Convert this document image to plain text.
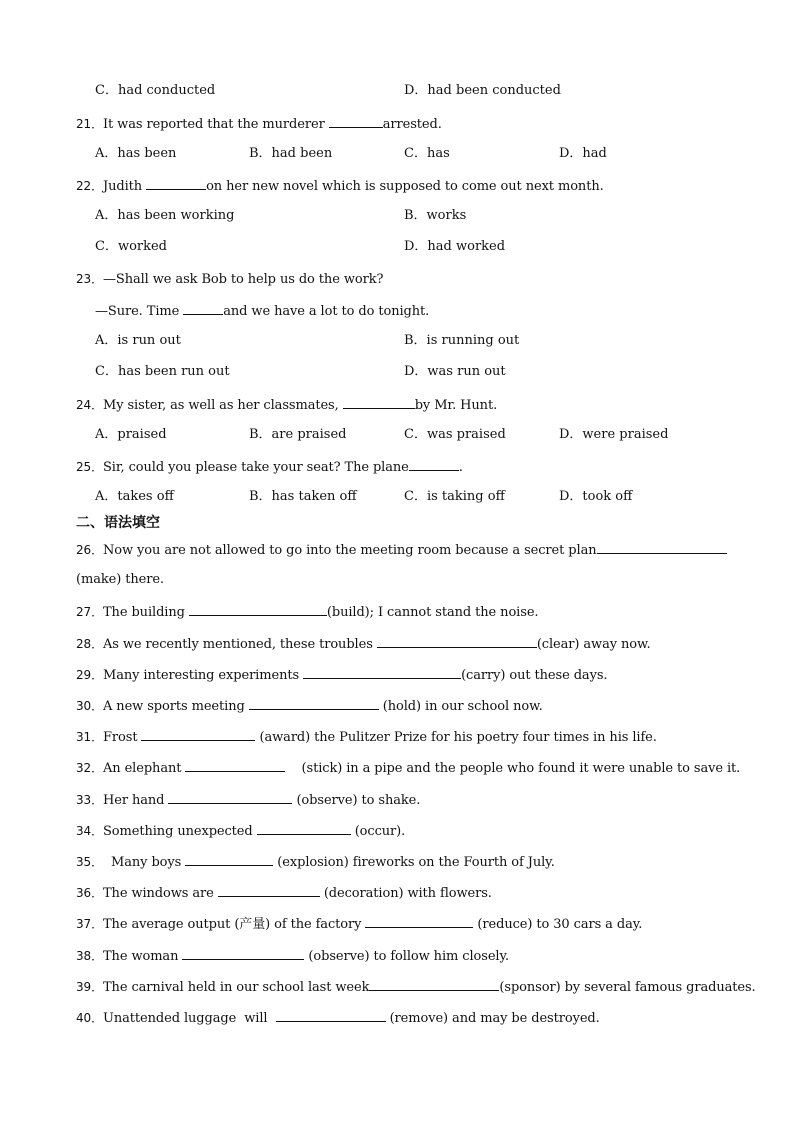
C．had conducted	D．had been conducted
21．It was reported that the murderer	arrested.
A．has been	B．had been	C．has	D．had
22．Judith	on her new novel which is supposed to come out next month.
A．has been working	B．works
C．worked	D．had worked
23．—Shall we ask Bob to help us do the work?
—Sure. Time	and we have a lot to do tonight.
A．is run out	B．is running out
C．has been run out	D．was run out
24．My sister, as well as her classmates,	by Mr. Hunt.
A．praised	B．are praised	C．was praised	D．were praised
25．Sir, could you please take your seat? The plane	.
A．takes off	B．has taken off	C．is taking off	D．took off
二、语法填空
26．Now you are not allowed to go into the meeting room because a secret plan
(make) there.
27．The building	(build); I cannot stand the noise.
28．As we recently mentioned, these troubles	(clear) away now.
29．Many interesting experiments	(carry) out these days.
30．A new sports meeting	(hold) in our school now.
31．Frost	(award) the Pulitzer Prize for his poetry four times in his life.
32．An elephant	(stick) in a pipe and the people who found it were unable to save it.
33．Her hand	(observe) to shake.
34．Something unexpected	(occur).
35．  Many boys	(explosion) fireworks on the Fourth of July.
36．The windows are	(decoration) with flowers.
37．The average output (产量) of the factory	(reduce) to 30 cars a day.
38．The woman	(observe) to follow him closely.
39．The carnival held in our school last week	(sponsor) by several famous graduates.
40．Unattended luggage  will	(remove) and may be destroyed.
